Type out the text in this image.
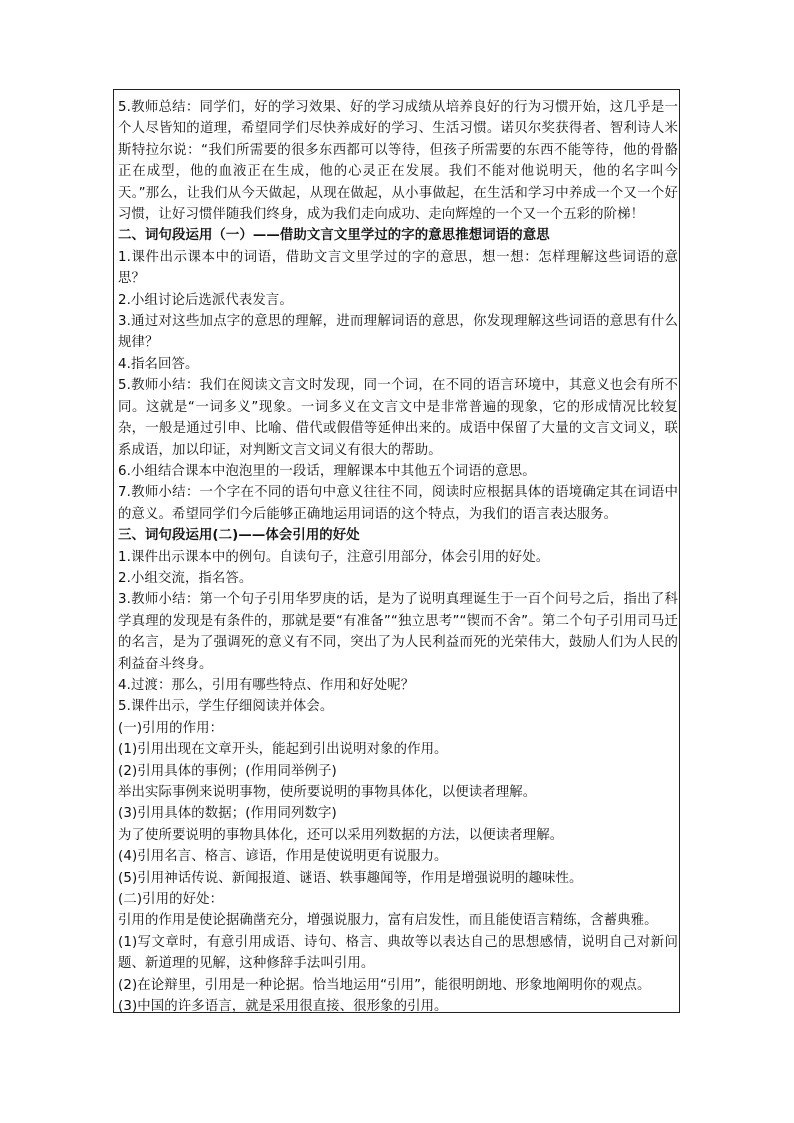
5.教师总结：同学们，好的学习效果、好的学习成绩从培养良好的行为习惯开始，这几乎是一个人尽皆知的道理，希望同学们尽快养成好的学习、生活习惯。诺贝尔奖获得者、智利诗人米斯特拉尔说：“我们所需要的很多东西都可以等待，但孩子所需要的东西不能等待，他的骨骼正在成型，他的血液正在生成，他的心灵正在发展。我们不能对他说明天，他的名字叫今天。”那么，让我们从今天做起，从现在做起，从小事做起，在生活和学习中养成一个又一个好习惯，让好习惯伴随我们终身，成为我们走向成功、走向辉煌的一个又一个五彩的阶梯！

二、词句段运用（一）——借助文言文里学过的字的意思推想词语的意思

1.课件出示课本中的词语，借助文言文里学过的字的意思，想一想：怎样理解这些词语的意思？

2.小组讨论后选派代表发言。

3.通过对这些加点字的意思的理解，进而理解词语的意思，你发现理解这些词语的意思有什么规律？

4.指名回答。

5.教师小结：我们在阅读文言文时发现，同一个词，在不同的语言环境中，其意义也会有所不同。这就是“一词多义”现象。一词多义在文言文中是非常普遍的现象，它的形成情况比较复杂，一般是通过引申、比喻、借代或假借等延伸出来的。成语中保留了大量的文言文词义，联系成语，加以印证，对判断文言文词义有很大的帮助。

6.小组结合课本中泡泡里的一段话，理解课本中其他五个词语的意思。

7.教师小结：一个字在不同的语句中意义往往不同，阅读时应根据具体的语境确定其在词语中的意义。希望同学们今后能够正确地运用词语的这个特点，为我们的语言表达服务。

三、词句段运用(二)——体会引用的好处

1.课件出示课本中的例句。自读句子，注意引用部分，体会引用的好处。

2.小组交流，指名答。

3.教师小结：第一个句子引用华罗庚的话，是为了说明真理诞生于一百个问号之后，指出了科学真理的发现是有条件的，那就是要“有准备”“独立思考”“锲而不舍”。第二个句子引用司马迁的名言，是为了强调死的意义有不同，突出了为人民利益而死的光荣伟大，鼓励人们为人民的利益奋斗终身。

4.过渡：那么，引用有哪些特点、作用和好处呢？

5.课件出示，学生仔细阅读并体会。

(一)引用的作用：

(1)引用出现在文章开头，能起到引出说明对象的作用。

(2)引用具体的事例；(作用同举例子)

举出实际事例来说明事物，使所要说明的事物具体化，以便读者理解。

(3)引用具体的数据；(作用同列数字)

为了使所要说明的事物具体化，还可以采用列数据的方法，以便读者理解。

(4)引用名言、格言、谚语，作用是使说明更有说服力。

(5)引用神话传说、新闻报道、谜语、轶事趣闻等，作用是增强说明的趣味性。

(二)引用的好处：

引用的作用是使论据确凿充分，增强说服力，富有启发性，而且能使语言精练，含蓄典雅。

(1)写文章时，有意引用成语、诗句、格言、典故等以表达自己的思想感情，说明自己对新问题、新道理的见解，这种修辞手法叫引用。

(2)在论辩里，引用是一种论据。恰当地运用“引用”，能很明朗地、形象地阐明你的观点。

(3)中国的许多语言，就是采用很直接、很形象的引用。
